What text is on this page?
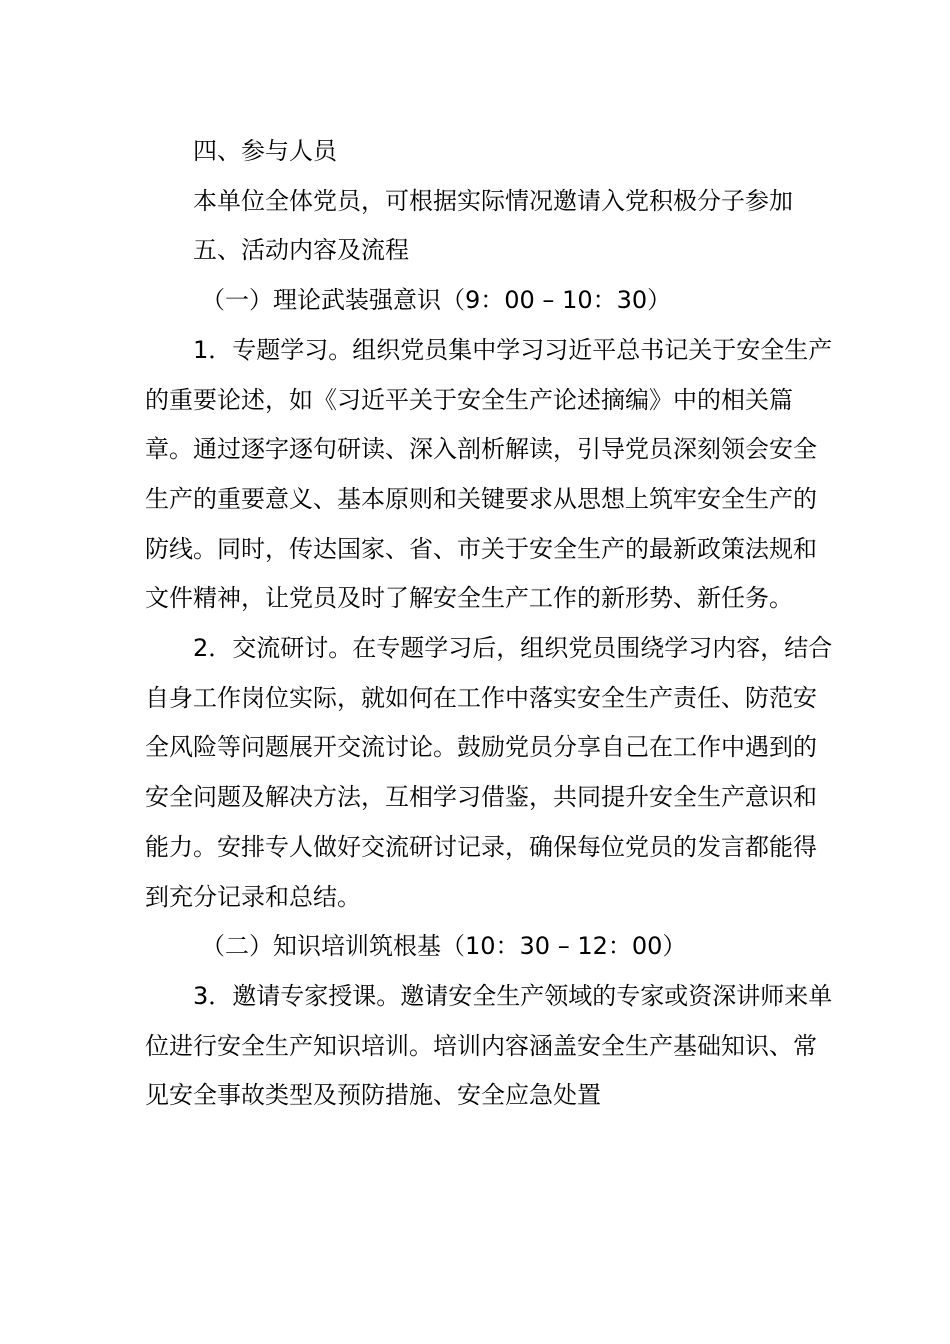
四、参与人员

本单位全体党员，可根据实际情况邀请入党积极分子参加

五、活动内容及流程

（一）理论武装强意识（9：00 – 10：30）

1．专题学习。组织党员集中学习习近平总书记关于安全生产的重要论述，如《习近平关于安全生产论述摘编》中的相关篇章。通过逐字逐句研读、深入剖析解读，引导党员深刻领会安全生产的重要意义、基本原则和关键要求从思想上筑牢安全生产的防线。同时，传达国家、省、市关于安全生产的最新政策法规和文件精神，让党员及时了解安全生产工作的新形势、新任务。

2．交流研讨。在专题学习后，组织党员围绕学习内容，结合自身工作岗位实际，就如何在工作中落实安全生产责任、防范安全风险等问题展开交流讨论。鼓励党员分享自己在工作中遇到的安全问题及解决方法，互相学习借鉴，共同提升安全生产意识和能力。安排专人做好交流研讨记录，确保每位党员的发言都能得到充分记录和总结。

（二）知识培训筑根基（10：30 – 12：00）

3．邀请专家授课。邀请安全生产领域的专家或资深讲师来单位进行安全生产知识培训。培训内容涵盖安全生产基础知识、常见安全事故类型及预防措施、安全应急处置
